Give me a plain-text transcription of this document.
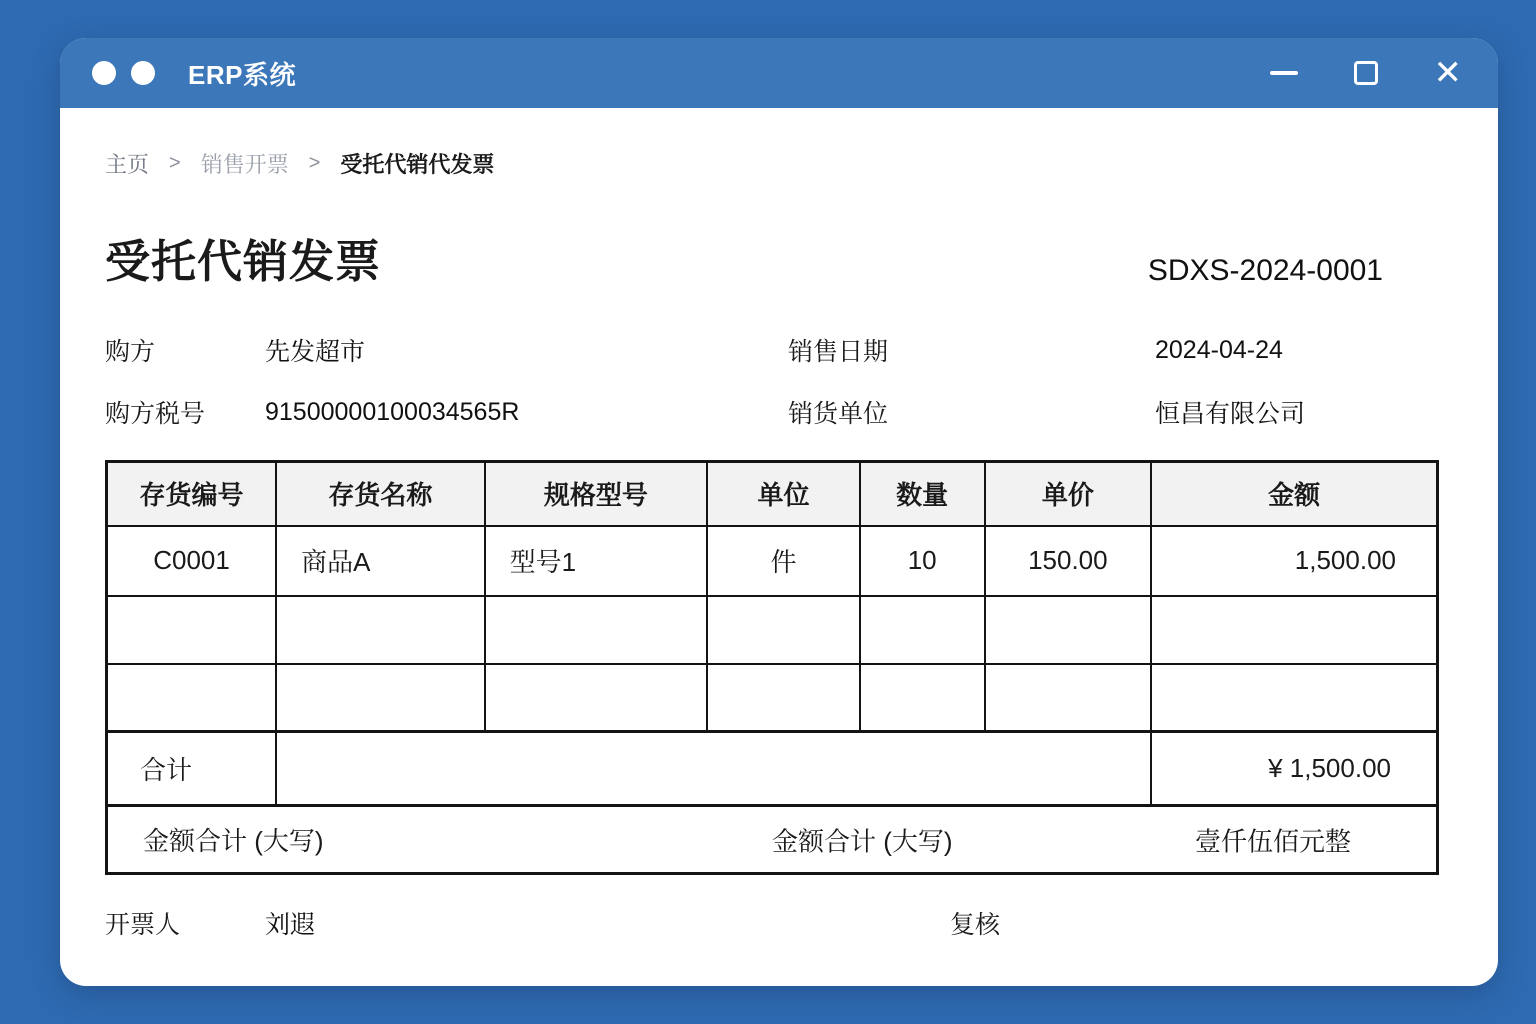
ERP系统	✕
主页 > 销售开票 > 受托代销代发票
受托代销发票	SDXS-2024-0001
购方	先发超市	销售日期	2024-04-24
购方税号	91500000100034565R	销货单位	恒昌有限公司
存货编号	存货名称	规格型号	单位	数量	单价	金额
C0001	商品A	型号1	件	10	150.00	1,500.00

合计						¥ 1,500.00
金额合计 (大写) 金额合计 (大写) 壹仟伍佰元整						
开票人	刘遐	复核
